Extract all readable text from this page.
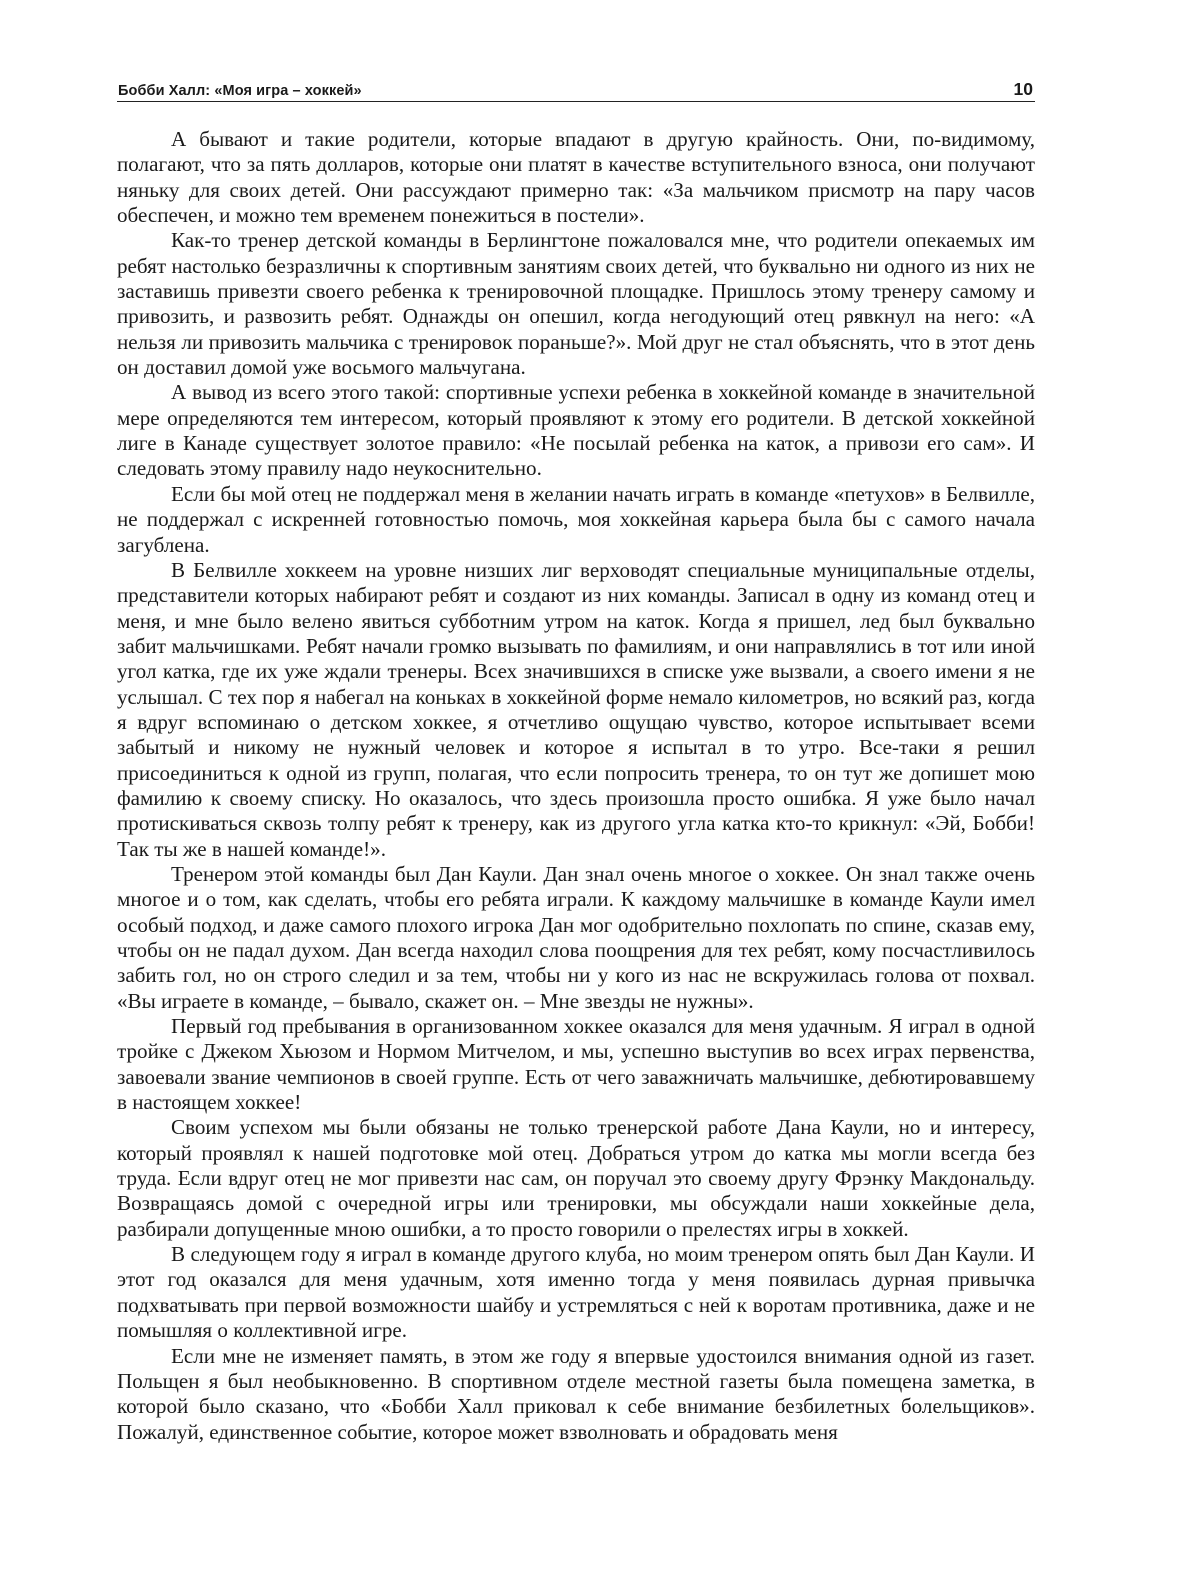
Бобби Халл: «Моя игра – хоккей»	10

А бывают и такие родители, которые впадают в другую крайность. Они, по-видимому, полагают, что за пять долларов, которые они платят в качестве вступительного взноса, они получают няньку для своих детей. Они рассуждают примерно так: «За мальчиком присмотр на пару часов обеспечен, и можно тем временем понежиться в постели».

Как-то тренер детской команды в Берлингтоне пожаловался мне, что родители опекаемых им ребят настолько безразличны к спортивным занятиям своих детей, что буквально ни одного из них не заставишь привезти своего ребенка к тренировочной площадке. Пришлось этому тренеру самому и привозить, и развозить ребят. Однажды он опешил, когда негодующий отец рявкнул на него: «А нельзя ли привозить мальчика с тренировок пораньше?». Мой друг не стал объяснять, что в этот день он доставил домой уже восьмого мальчугана.

А вывод из всего этого такой: спортивные успехи ребенка в хоккейной команде в значительной мере определяются тем интересом, который проявляют к этому его родители. В детской хоккейной лиге в Канаде существует золотое правило: «Не посылай ребенка на каток, а привози его сам». И следовать этому правилу надо неукоснительно.

Если бы мой отец не поддержал меня в желании начать играть в команде «петухов» в Белвилле, не поддержал с искренней готовностью помочь, моя хоккейная карьера была бы с самого начала загублена.

В Белвилле хоккеем на уровне низших лиг верховодят специальные муниципальные отделы, представители которых набирают ребят и создают из них команды. Записал в одну из команд отец и меня, и мне было велено явиться субботним утром на каток. Когда я пришел, лед был буквально забит мальчишками. Ребят начали громко вызывать по фамилиям, и они направлялись в тот или иной угол катка, где их уже ждали тренеры. Всех значившихся в списке уже вызвали, а своего имени я не услышал. С тех пор я набегал на коньках в хоккейной форме немало километров, но всякий раз, когда я вдруг вспоминаю о детском хоккее, я отчетливо ощущаю чувство, которое испытывает всеми забытый и никому не нужный человек и которое я испытал в то утро. Все-таки я решил присоединиться к одной из групп, полагая, что если попросить тренера, то он тут же допишет мою фамилию к своему списку. Но оказалось, что здесь произошла просто ошибка. Я уже было начал протискиваться сквозь толпу ребят к тренеру, как из другого угла катка кто-то крикнул: «Эй, Бобби! Так ты же в нашей команде!».

Тренером этой команды был Дан Каули. Дан знал очень многое о хоккее. Он знал также очень многое и о том, как сделать, чтобы его ребята играли. К каждому мальчишке в команде Каули имел особый подход, и даже самого плохого игрока Дан мог одобрительно похлопать по спине, сказав ему, чтобы он не падал духом. Дан всегда находил слова поощрения для тех ребят, кому посчастливилось забить гол, но он строго следил и за тем, чтобы ни у кого из нас не вскружилась голова от похвал. «Вы играете в команде, – бывало, скажет он. – Мне звезды не нужны».

Первый год пребывания в организованном хоккее оказался для меня удачным. Я играл в одной тройке с Джеком Хьюзом и Нормом Митчелом, и мы, успешно выступив во всех играх первенства, завоевали звание чемпионов в своей группе. Есть от чего заважничать мальчишке, дебютировавшему в настоящем хоккее!

Своим успехом мы были обязаны не только тренерской работе Дана Каули, но и интересу, который проявлял к нашей подготовке мой отец. Добраться утром до катка мы могли всегда без труда. Если вдруг отец не мог привезти нас сам, он поручал это своему другу Фрэнку Макдональду. Возвращаясь домой с очередной игры или тренировки, мы обсуждали наши хоккейные дела, разбирали допущенные мною ошибки, а то просто говорили о прелестях игры в хоккей.

В следующем году я играл в команде другого клуба, но моим тренером опять был Дан Каули. И этот год оказался для меня удачным, хотя именно тогда у меня появилась дурная привычка подхватывать при первой возможности шайбу и устремляться с ней к воротам противника, даже и не помышляя о коллективной игре.

Если мне не изменяет память, в этом же году я впервые удостоился внимания одной из газет. Польщен я был необыкновенно. В спортивном отделе местной газеты была помещена заметка, в которой было сказано, что «Бобби Халл приковал к себе внимание безбилетных болельщиков». Пожалуй, единственное событие, которое может взволновать и обрадовать меня
